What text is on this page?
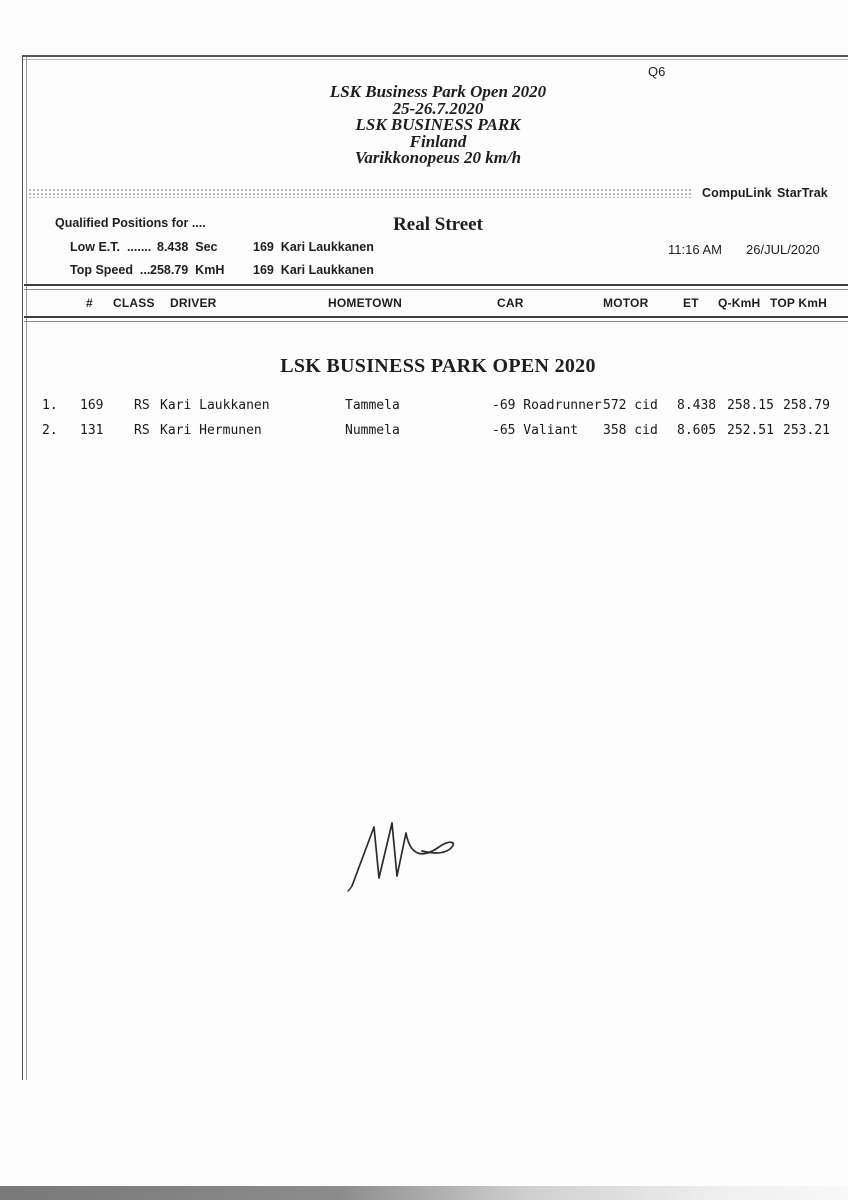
Q6
LSK Business Park Open 2020
25-26.7.2020
LSK BUSINESS PARK
Finland
Varikkonopeus 20 km/h
CompuLink StarTrak
Qualified Positions for ....	Real Street
Low E.T.  ....... 8.438  Sec	169  Kari Laukkanen
Top Speed  ... 258.79  KmH 169  Kari Laukkanen
11:16 AM 26/JUL/2020
# CLASS DRIVER	HOMETOWN	CAR	MOTOR	ET Q-KmH TOP KmH
LSK BUSINESS PARK OPEN 2020
1. 169 RS Kari Laukkanen	Tammela	-69 Roadrunner 572 cid 8.438 258.15 258.79
2. 131 RS Kari Hermunen	Nummela	-65 Valiant 358 cid 8.605 252.51 253.21
